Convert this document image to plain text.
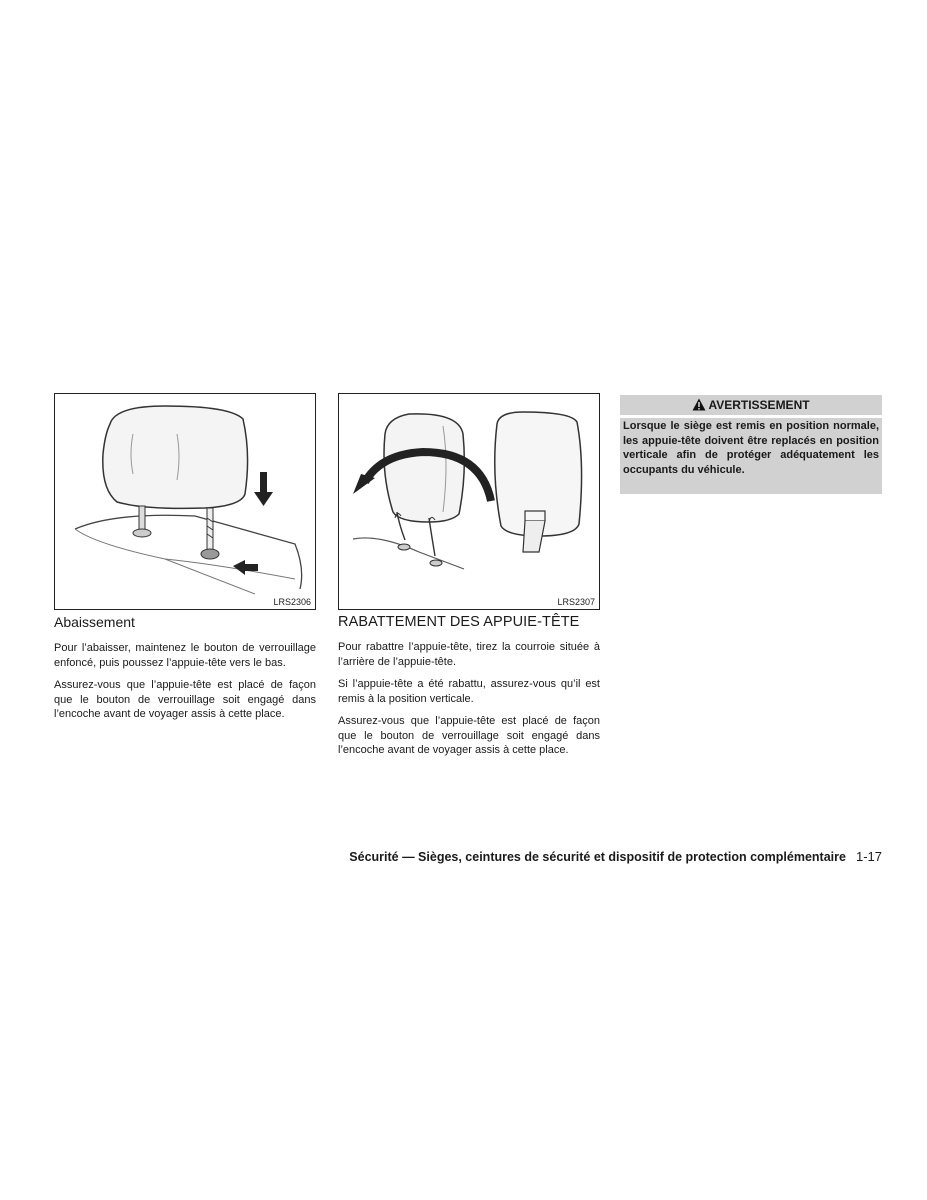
LRS2306	LRS2307
Abaissement

Pour l’abaisser, maintenez le bouton de verrouillage enfoncé, puis poussez l’appuie-tête vers le bas.

Assurez-vous que l’appuie-tête est placé de façon que le bouton de verrouillage soit engagé dans l’encoche avant de voyager assis à cette place.

RABATTEMENT DES APPUIE-TÊTE

Pour rabattre l’appuie-tête, tirez la courroie située à l’arrière de l’appuie-tête.

Si l’appuie-tête a été rabattu, assurez-vous qu’il est remis à la position verticale.

Assurez-vous que l’appuie-tête est placé de façon que le bouton de verrouillage soit engagé dans l’encoche avant de voyager assis à cette place.

AVERTISSEMENT
Lorsque le siège est remis en position normale, les appuie-tête doivent être replacés en position verticale afin de protéger adéquatement les occupants du véhicule.
Sécurité — Sièges, ceintures de sécurité et dispositif de protection complémentaire 1-17
